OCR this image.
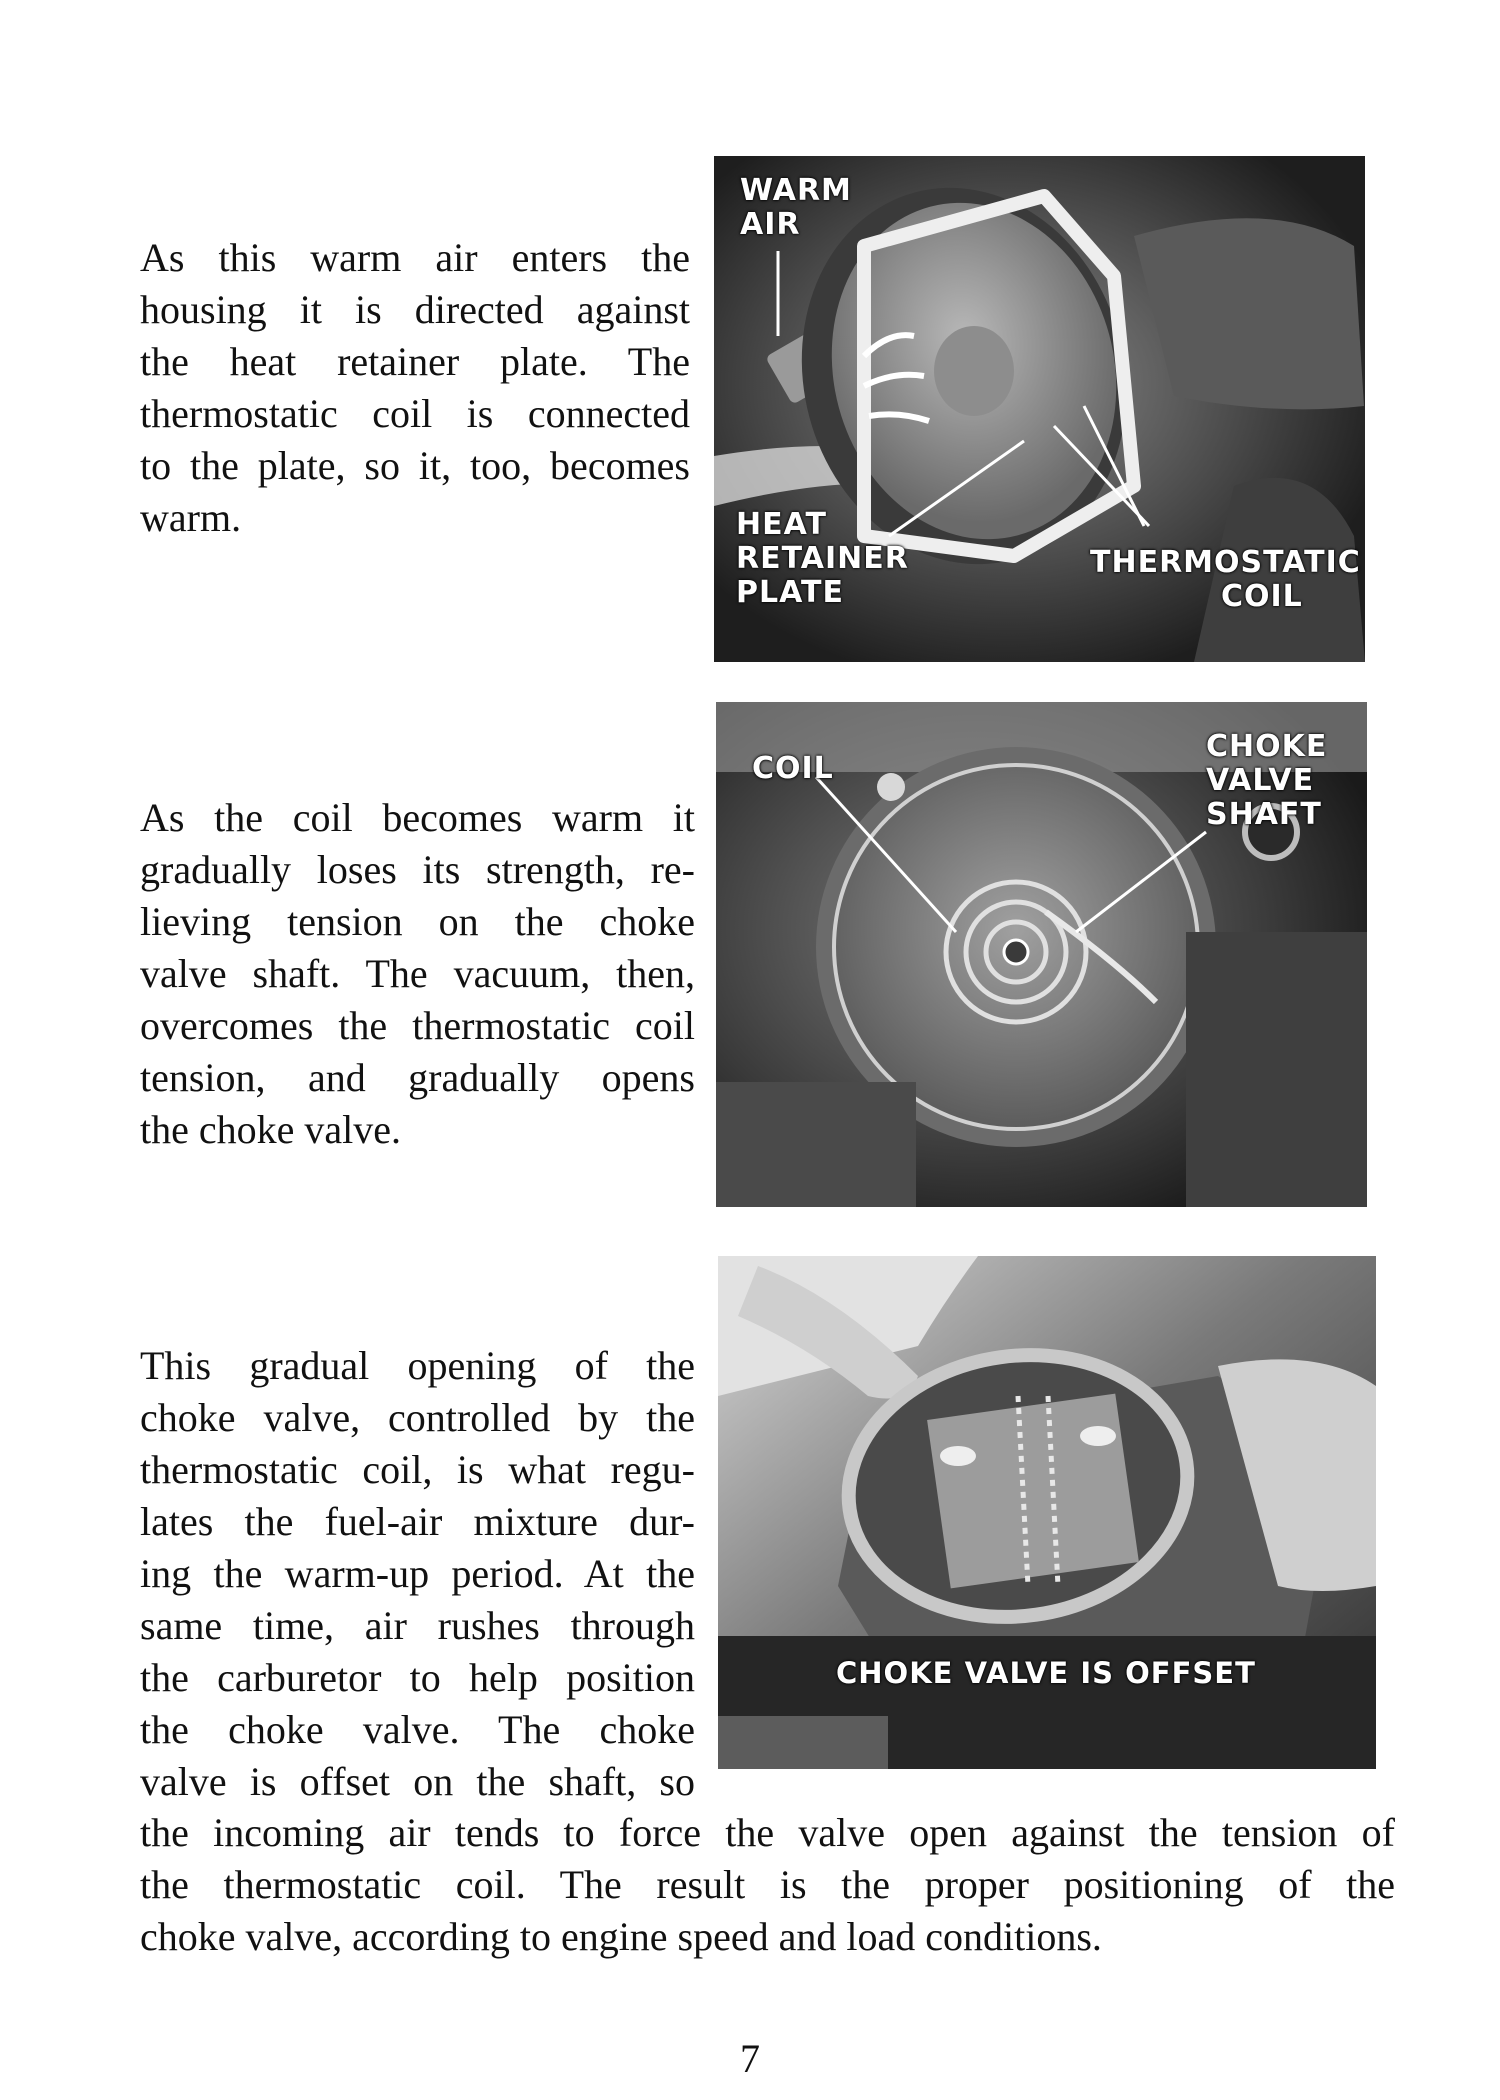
As this warm air enters the
housing it is directed against
the heat retainer plate. The
thermostatic coil is connected
to the plate, so it, too, becomes
warm.

WARM
AIR
HEAT
RETAINER
PLATE
THERMOSTATIC
COIL

As the coil becomes warm it
gradually loses its strength, re-
lieving tension on the choke
valve shaft. The vacuum, then,
overcomes the thermostatic coil
tension, and gradually opens
the choke valve.

COIL
CHOKE
VALVE
SHAFT

This gradual opening of the
choke valve, controlled by the
thermostatic coil, is what regu-
lates the fuel-air mixture dur-
ing the warm-up period. At the
same time, air rushes through
the carburetor to help position
the choke valve. The choke
valve is offset on the shaft, so

the incoming air tends to force the valve open against the tension of
the thermostatic coil. The result is the proper positioning of the
choke valve, according to engine speed and load conditions.

CHOKE VALVE IS OFFSET
7
